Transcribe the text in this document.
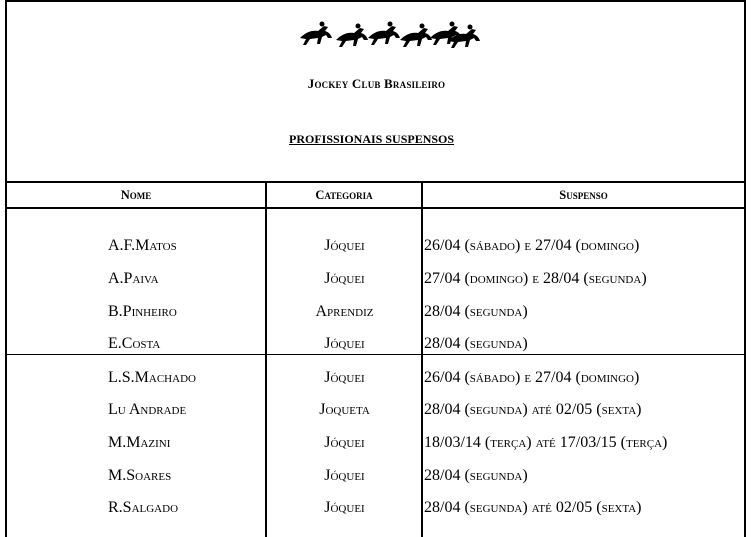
Jockey Club Brasileiro
PROFISSIONAIS SUSPENSOS
Nome	Categoria	Suspenso
A.F.Matos	Jóquei	26/04 (sábado) e 27/04 (domingo)
A.Paiva	Jóquei	27/04 (domingo) e 28/04 (segunda)
B.Pinheiro	Aprendiz	28/04 (segunda)
E.Costa	Jóquei	28/04 (segunda)
L.S.Machado	Jóquei	26/04 (sábado) e 27/04 (domingo)
Lu Andrade	Joqueta	28/04 (segunda) até 02/05 (sexta)
M.Mazini	Jóquei	18/03/14 (terça) até 17/03/15 (terça)
M.Soares	Jóquei	28/04 (segunda)
R.Salgado	Jóquei	28/04 (segunda) até 02/05 (sexta)
